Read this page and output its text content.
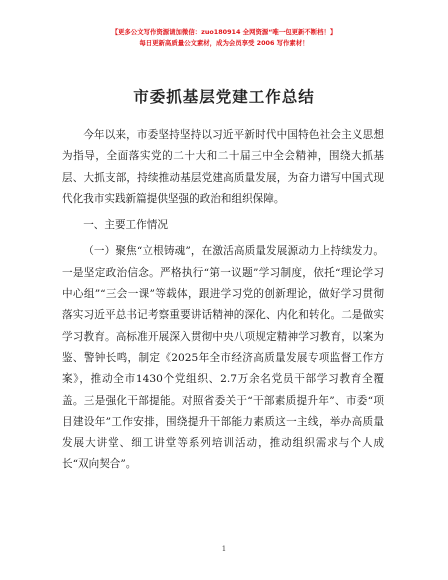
【更多公文写作资源请加微信：zuo180914 全网资源“唯一包更新不断档！】
每日更新高质量公文素材，成为会员享受 2006 写作素材！
市委抓基层党建工作总结

今年以来，市委坚持坚持以习近平新时代中国特色社会主义思想为指导，全面落实党的二十大和二十届三中全会精神，围绕大抓基层、大抓支部，持续推动基层党建高质量发展，为奋力谱写中国式现代化我市实践新篇提供坚强的政治和组织保障。

一、主要工作情况

（一）聚焦“立根铸魂”，在激活高质量发展源动力上持续发力。一是坚定政治信念。严格执行“第一议题”学习制度，依托“理论学习中心组”“三会一课”等载体，跟进学习党的创新理论，做好学习贯彻落实习近平总书记考察重要讲话精神的深化、内化和转化。二是做实学习教育。高标准开展深入贯彻中央八项规定精神学习教育，以案为鉴、警钟长鸣，制定《2025年全市经济高质量发展专项监督工作方案》，推动全市1430个党组织、2.7万余名党员干部学习教育全覆盖。三是强化干部提能。对照省委关于“干部素质提升年”、市委“项目建设年”工作安排，围绕提升干部能力素质这一主线，举办高质量发展大讲堂、细工讲堂等系列培训活动，推动组织需求与个人成长“双向契合”。

1
